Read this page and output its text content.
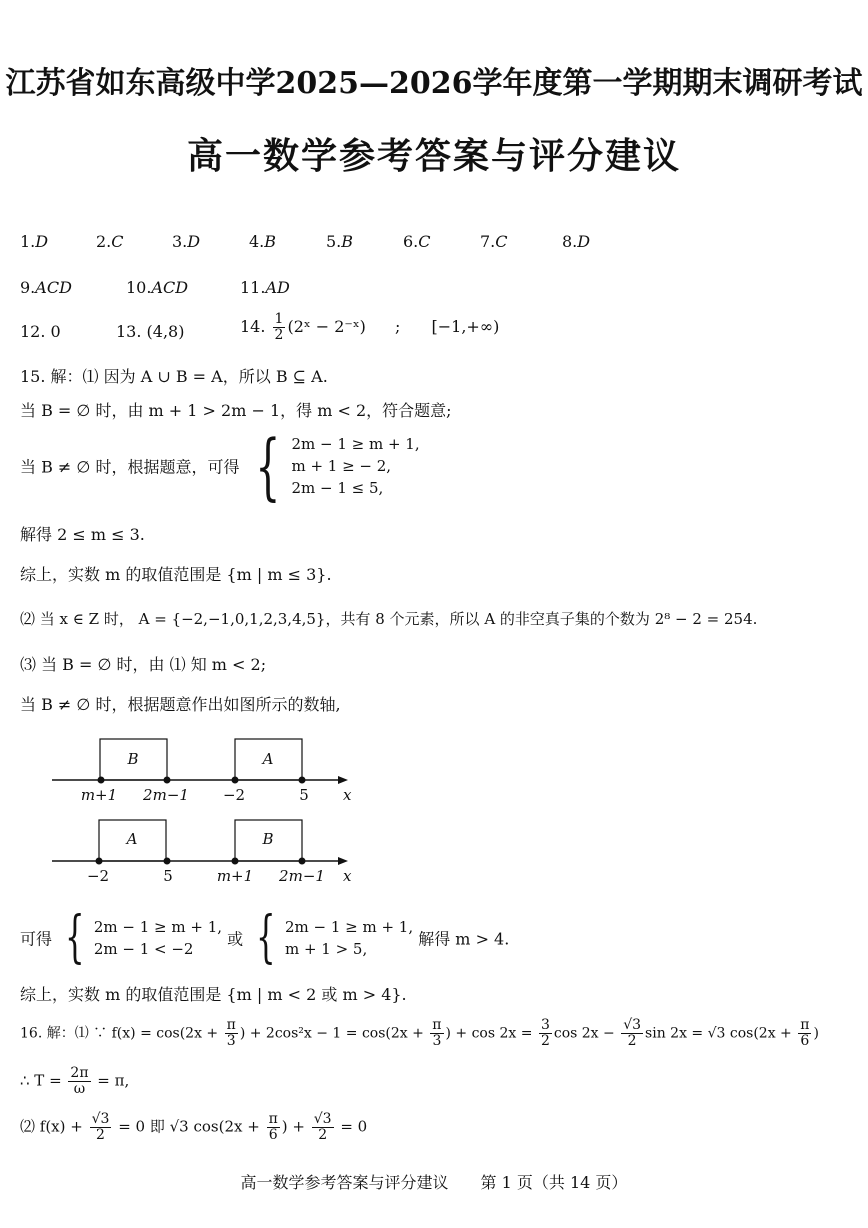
江苏省如东高级中学2025—2026学年度第一学期期末调研考试
高一数学参考答案与评分建议
1.D	2.C	3.D	4.B	5.B	6.C	7.C	8.D
9.ACD	10.ACD	11.AD
12. 0	13. (4,8)	14. $\frac{1}{2}$ (2ˣ − 2⁻ˣ) ; [−1,+∞)
15. 解：⑴ 因为 A ∪ B = A，所以 B ⊆ A.
当 B = ∅ 时，由 m + 1 > 2m − 1，得 m < 2，符合题意;
当 B ≠ ∅ 时，根据题意，可得 { 2m − 1 ≥ m + 1,
m + 1 ≥ − 2,
2m − 1 ≤ 5,
解得 2 ≤ m ≤ 3.
综上，实数 m 的取值范围是 {m | m ≤ 3}.
⑵ 当 x ∈ Z 时， A = {−2,−1,0,1,2,3,4,5}，共有 8 个元素，所以 A 的非空真子集的个数为 2⁸ − 2 = 254.
⑶ 当 B = ∅ 时，由 ⑴ 知 m < 2;
当 B ≠ ∅ 时，根据题意作出如图所示的数轴,
B	A
m+1 2m−1 −2	5 x
A	B
−2	5	m+1 2m−1 x
可得 { 2m − 1 ≥ m + 1,
2m − 1 < −2
或 { 2m − 1 ≥ m + 1,
m + 1 > 5,
解得 m > 4.
综上，实数 m 的取值范围是 {m | m < 2 或 m > 4}.
16. 解：⑴ ∵ $f(x) = \cos(2x + \frac{\pi}{3}$ ) + $2\cos^2x - 1 = \cos(2x + \frac{\pi}{3}$ ) + $\cos 2x = \frac{3}{2}$ $\cos 2x - \frac{√3}{2}$ sin 2x = √3 $\cos(2x + \frac{\pi}{6}$ )
∴ $T = \frac{2\pi}{\omega} = \pi$,
⑵ $f(x) + \frac{√3}{2} = 0$ 即 √3 $\cos(2x + \frac{\pi}{6}$ ) + $\frac{√3}{2} = 0$
高一数学参考答案与评分建议　　第 1 页（共 14 页）
